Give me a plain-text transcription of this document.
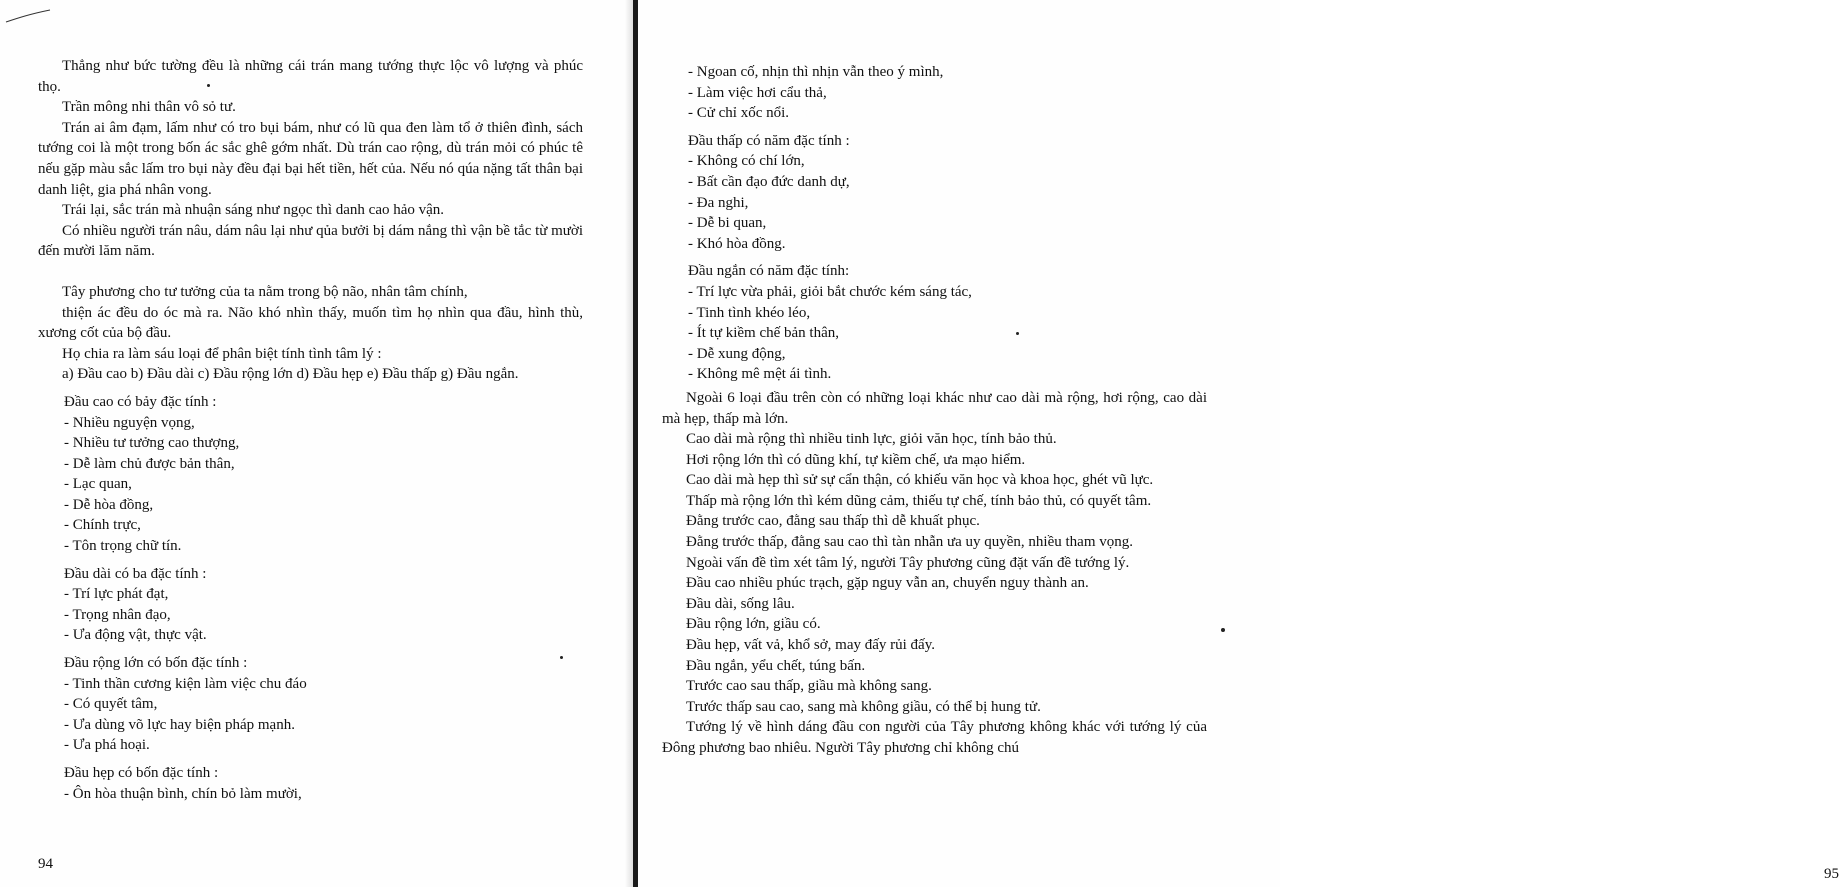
Thẳng như bức tường đều là những cái trán mang tướng thực lộc vô lượng và phúc thọ.

Trần mông nhi thân vô sỏ tư.

Trán ai âm đạm, lấm như có tro bụi bám, như có lũ qua đen làm tổ ở thiên đình, sách tướng coi là một trong bốn ác sắc ghê gớm nhất. Dù trán cao rộng, dù trán mỏi có phúc tê nếu gặp màu sắc lấm tro bụi này đều đại bại hết tiền, hết của. Nếu nó qúa nặng tất thân bại danh liệt, gia phá nhân vong.

Trái lại, sắc trán mà nhuận sáng như ngọc thì danh cao hảo vận.

Có nhiều người trán nâu, dám nâu lại như qủa bưởi bị dám nắng thì vận bề tắc từ mười đến mười lăm năm.

Tây phương cho tư tưởng của ta nằm trong bộ não, nhân tâm chính,

thiện ác đều do óc mà ra. Não khó nhìn thấy, muốn tìm họ nhìn qua đầu, hình thù, xương cốt của bộ đầu.

Họ chia ra làm sáu loại để phân biệt tính tình tâm lý :

a) Đầu cao b) Đầu dài c) Đầu rộng lớn d) Đầu hẹp e) Đầu thấp g) Đầu ngắn.

Đầu cao có bảy đặc tính :

- Nhiều nguyện vọng,

- Nhiều tư tưởng cao thượng,

- Dễ làm chủ được bản thân,

- Lạc quan,

- Dễ hòa đồng,

- Chính trực,

- Tôn trọng chữ tín.

Đầu dài có ba đặc tính :

- Trí lực phát đạt,

- Trọng nhân đạo,

- Ưa động vật, thực vật.

Đầu rộng lớn có bốn đặc tính :

- Tinh thần cương kiện làm việc chu đáo

- Có quyết tâm,

- Ưa dùng võ lực hay biện pháp mạnh.

- Ưa phá hoại.

Đầu hẹp có bốn đặc tính :

- Ôn hòa thuận bình, chín bỏ làm mười,

94

- Ngoan cố, nhịn thì nhịn vẫn theo ý mình,

- Làm việc hơi cẩu thả,

- Cử chỉ xốc nổi.

Đầu thấp có năm đặc tính :

- Không có chí lớn,

- Bất cần đạo đức danh dự,

- Đa nghi,

- Dễ bi quan,

- Khó hòa đồng.

Đầu ngắn có năm đặc tính:

- Trí lực vừa phải, giỏi bắt chước kém sáng tác,

- Tinh tình khéo léo,

- Ít tự kiềm chế bản thân,

- Dễ xung động,

- Không mê mệt ái tình.

Ngoài 6 loại đầu trên còn có những loại khác như cao dài mà rộng, hơi rộng, cao dài mà hẹp, thấp mà lớn.

Cao dài mà rộng thì nhiều tinh lực, giỏi văn học, tính bảo thủ.

Hơi rộng lớn thì có dũng khí, tự kiềm chế, ưa mạo hiểm.

Cao dài mà hẹp thì sử sự cẩn thận, có khiếu văn học và khoa học, ghét vũ lực.

Thấp mà rộng lớn thì kém dũng cảm, thiếu tự chế, tính bảo thủ, có quyết tâm.

Đằng trước cao, đằng sau thấp thì dễ khuất phục.

Đằng trước thấp, đằng sau cao thì tàn nhẫn ưa uy quyền, nhiều tham vọng.

Ngoài vấn đề tìm xét tâm lý, người Tây phương cũng đặt vấn đề tướng lý.

Đầu cao nhiều phúc trạch, gặp nguy vẫn an, chuyển nguy thành an.

Đầu dài, sống lâu.

Đầu rộng lớn, giầu có.

Đầu hẹp, vất vả, khổ sở, may đấy rủi đấy.

Đầu ngắn, yểu chết, túng bấn.

Trước cao sau thấp, giầu mà không sang.

Trước thấp sau cao, sang mà không giầu, có thể bị hung tử.

Tướng lý về hình dáng đầu con người của Tây phương không khác với tướng lý của Đông phương bao nhiêu. Người Tây phương chỉ không chú

95
